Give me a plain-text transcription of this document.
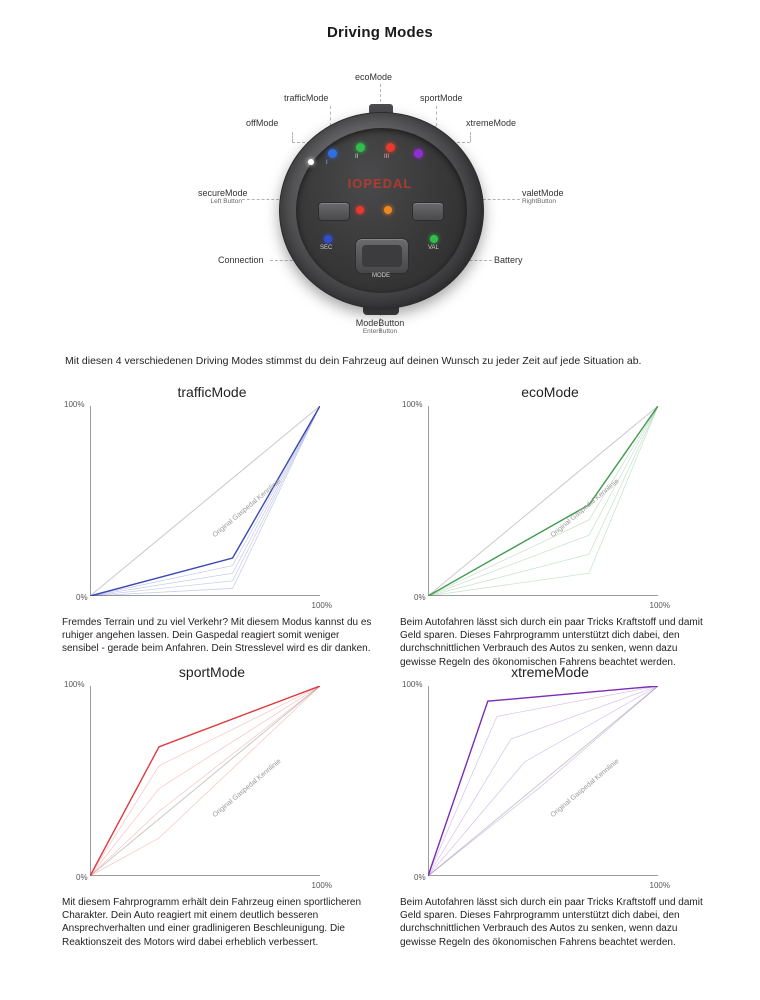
Driving Modes
IOPEDAL
I
II	III
SEC	VAL
MODE
ecoMode
trafficMode	sportMode
offMode	xtremeMode
secureMode
Left Button
valetMode
RightButton
Connection	Battery
ModeButton
EnterButton
Mit diesen 4 verschiedenen Driving Modes stimmst du dein Fahrzeug auf deinen Wunsch zu jeder Zeit auf jede Situation ab.
trafficMode
100%
0%
100%
Original Gaspedal Kennlinie
Fremdes Terrain und zu viel Verkehr? Mit diesem Modus kannst du es ruhiger angehen lassen. Dein Gaspedal reagiert somit weniger sensibel - gerade beim Anfahren. Dein Stresslevel wird es dir danken.
ecoMode
100%
0%
100%
Original Gaspedal Kennlinie
Beim Autofahren lässt sich durch ein paar Tricks Kraftstoff und damit Geld sparen. Dieses Fahrprogramm unterstützt dich dabei, den durchschnittlichen Verbrauch des Autos zu senken, wenn dazu gewisse Regeln des ökonomischen Fahrens beachtet werden.
sportMode
100%
0%
100%
Original Gaspedal Kennlinie
Mit diesem Fahrprogramm erhält dein Fahrzeug einen sportlicheren Charakter. Dein Auto reagiert mit einem deutlich besseren Ansprechverhalten und einer gradlinigeren Beschleunigung. Die Reaktionszeit des Motors wird dabei erheblich verbessert.
xtremeMode
100%
0%
100%
Original Gaspedal Kennlinie
Beim Autofahren lässt sich durch ein paar Tricks Kraftstoff und damit Geld sparen. Dieses Fahrprogramm unterstützt dich dabei, den durchschnittlichen Verbrauch des Autos zu senken, wenn dazu gewisse Regeln des ökonomischen Fahrens beachtet werden.
